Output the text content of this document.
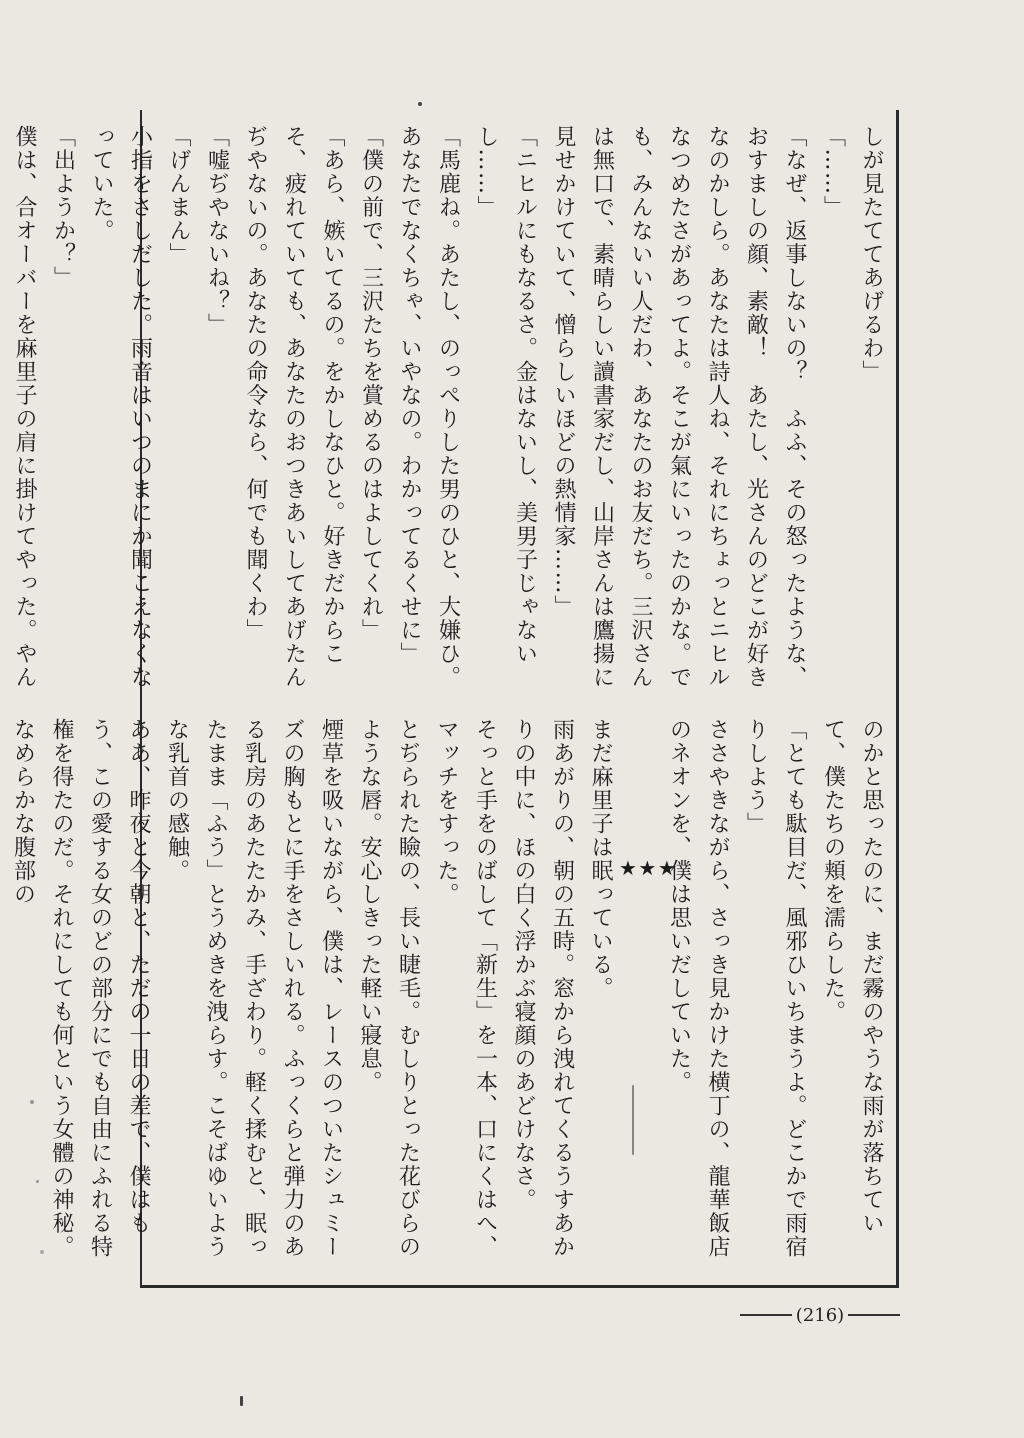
しが見たててあげるわ」

「……」

「なぜ、返事しないの？　ふふ、その怒ったような、おすましの顔、素敵！　あたし、光さんのどこが好きなのかしら。あなたは詩人ね、それにちょっとニヒルなつめたさがあってよ。そこが氣にいったのかな。でも、みんないい人だわ、あなたのお友だち。三沢さんは無口で、素晴らしい讀書家だし、山岸さんは鷹揚に見せかけていて、憎らしいほどの熱情家……」

「ニヒルにもなるさ。金はないし、美男子じゃないし……」

「馬鹿ね。あたし、のっぺりした男のひと、大嫌ひ。あなたでなくちゃ、いやなの。わかってるくせに」

「僕の前で、三沢たちを賞めるのはよしてくれ」

「あら、嫉いてるの。をかしなひと。好きだからこそ、疲れていても、あなたのおつきあいしてあげたんぢやないの。あなたの命令なら、何でも聞くわ」

「嘘ぢやないね？」

「げんまん」

小指をさしだした。雨音はいつのまにか聞こえなくなっていた。

「出ようか？」

僕は、合オーバーを麻里子の肩に掛けてやった。やん

のかと思ったのに、まだ霧のやうな雨が落ちていて、僕たちの頬を濡らした。

「とても駄目だ、風邪ひいちまうよ。どこかで雨宿りしよう」

ささやきながら、さっき見かけた横丁の、龍華飯店のネオンを、僕は思いだしていた。

★★★

まだ麻里子は眠っている。

雨あがりの、朝の五時。窓から洩れてくるうすあかりの中に、ほの白く浮かぶ寝顔のあどけなさ。

そっと手をのばして「新生」を一本、口にくはへ、マッチをすった。

とぢられた瞼の、長い睫毛。むしりとった花びらのような唇。安心しきった軽い寢息。

煙草を吸いながら、僕は、レースのついたシュミーズの胸もとに手をさしいれる。ふっくらと弾力のある乳房のあたたかみ、手ざわり。軽く揉むと、眠ったまま「ふう」とうめきを洩らす。こそばゆいような乳首の感触。

ああ、昨夜と今朝と、ただの一日の差で、僕はもう、この愛する女のどの部分にでも自由にふれる特権を得たのだ。それにしても何という女體の神秘。なめらかな腹部の

(216)
